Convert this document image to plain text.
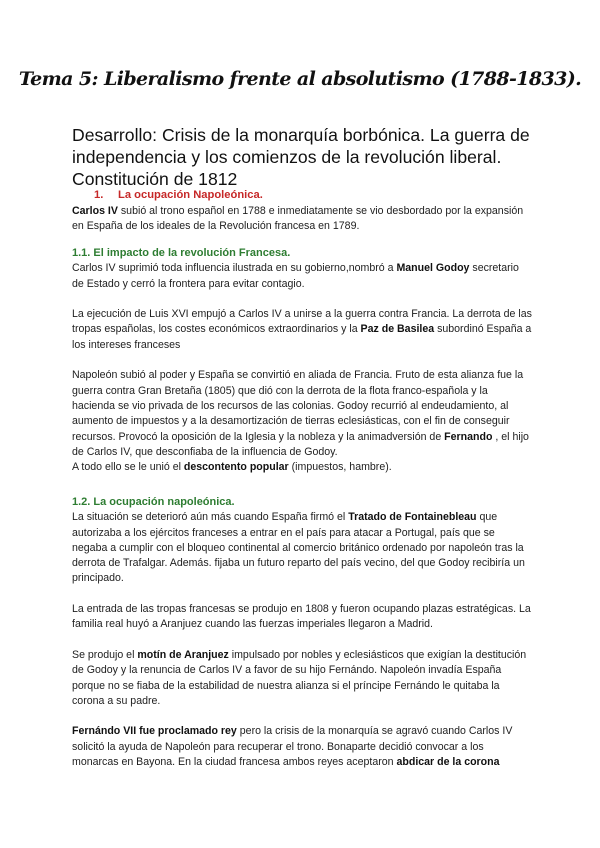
Tema 5: Liberalismo frente al absolutismo (1788-1833).
Desarrollo: Crisis de la monarquía borbónica. La guerra de independencia y los comienzos de la revolución liberal. Constitución de 1812
1. La ocupación Napoleónica.

Carlos IV subió al trono español en 1788 e inmediatamente se vio desbordado por la expansión en España de los ideales de la Revolución francesa en 1789.

1.1. El impacto de la revolución Francesa.

Carlos IV suprimió toda influencia ilustrada en su gobierno,nombró a Manuel Godoy secretario de Estado y cerró la frontera para evitar contagio.

La ejecución de Luis XVI empujó a Carlos IV a unirse a la guerra contra Francia. La derrota de las tropas españolas, los costes económicos extraordinarios y la Paz de Basilea subordinó España a los intereses franceses

Napoleón subió al poder y España se convirtió en aliada de Francia. Fruto de esta alianza fue la guerra contra Gran Bretaña (1805) que dió con la derrota de la flota franco-española y la hacienda se vio privada de los recursos de las colonias. Godoy recurrió al endeudamiento, al aumento de impuestos y a la desamortización de tierras eclesiásticas, con el fin de conseguir recursos. Provocó la oposición de la Iglesia y la nobleza y la animadversión de Fernando , el hijo de Carlos IV, que desconfiaba de la influencia de Godoy.

A todo ello se le unió el descontento popular (impuestos, hambre).

1.2. La ocupación napoleónica.

La situación se deterioró aún más cuando España firmó el Tratado de Fontainebleau que autorizaba a los ejércitos franceses a entrar en el país para atacar a Portugal, país que se negaba a cumplir con el bloqueo continental al comercio británico ordenado por napoleón tras la derrota de Trafalgar. Además. fijaba un futuro reparto del país vecino, del que Godoy recibiría un principado.

La entrada de las tropas francesas se produjo en 1808 y fueron ocupando plazas estratégicas. La familia real huyó a Aranjuez cuando las fuerzas imperiales llegaron a Madrid.

Se produjo el motín de Aranjuez impulsado por nobles y eclesiásticos que exigían la destitución de Godoy y la renuncia de Carlos IV a favor de su hijo Fernándo. Napoleón invadía España porque no se fiaba de la estabilidad de nuestra alianza si el príncipe Fernándo le quitaba la corona a su padre.

Fernándo VII fue proclamado rey pero la crisis de la monarquía se agravó cuando Carlos IV solicitó la ayuda de Napoleón para recuperar el trono. Bonaparte decidió convocar a los monarcas en Bayona. En la ciudad francesa ambos reyes aceptaron abdicar de la corona
